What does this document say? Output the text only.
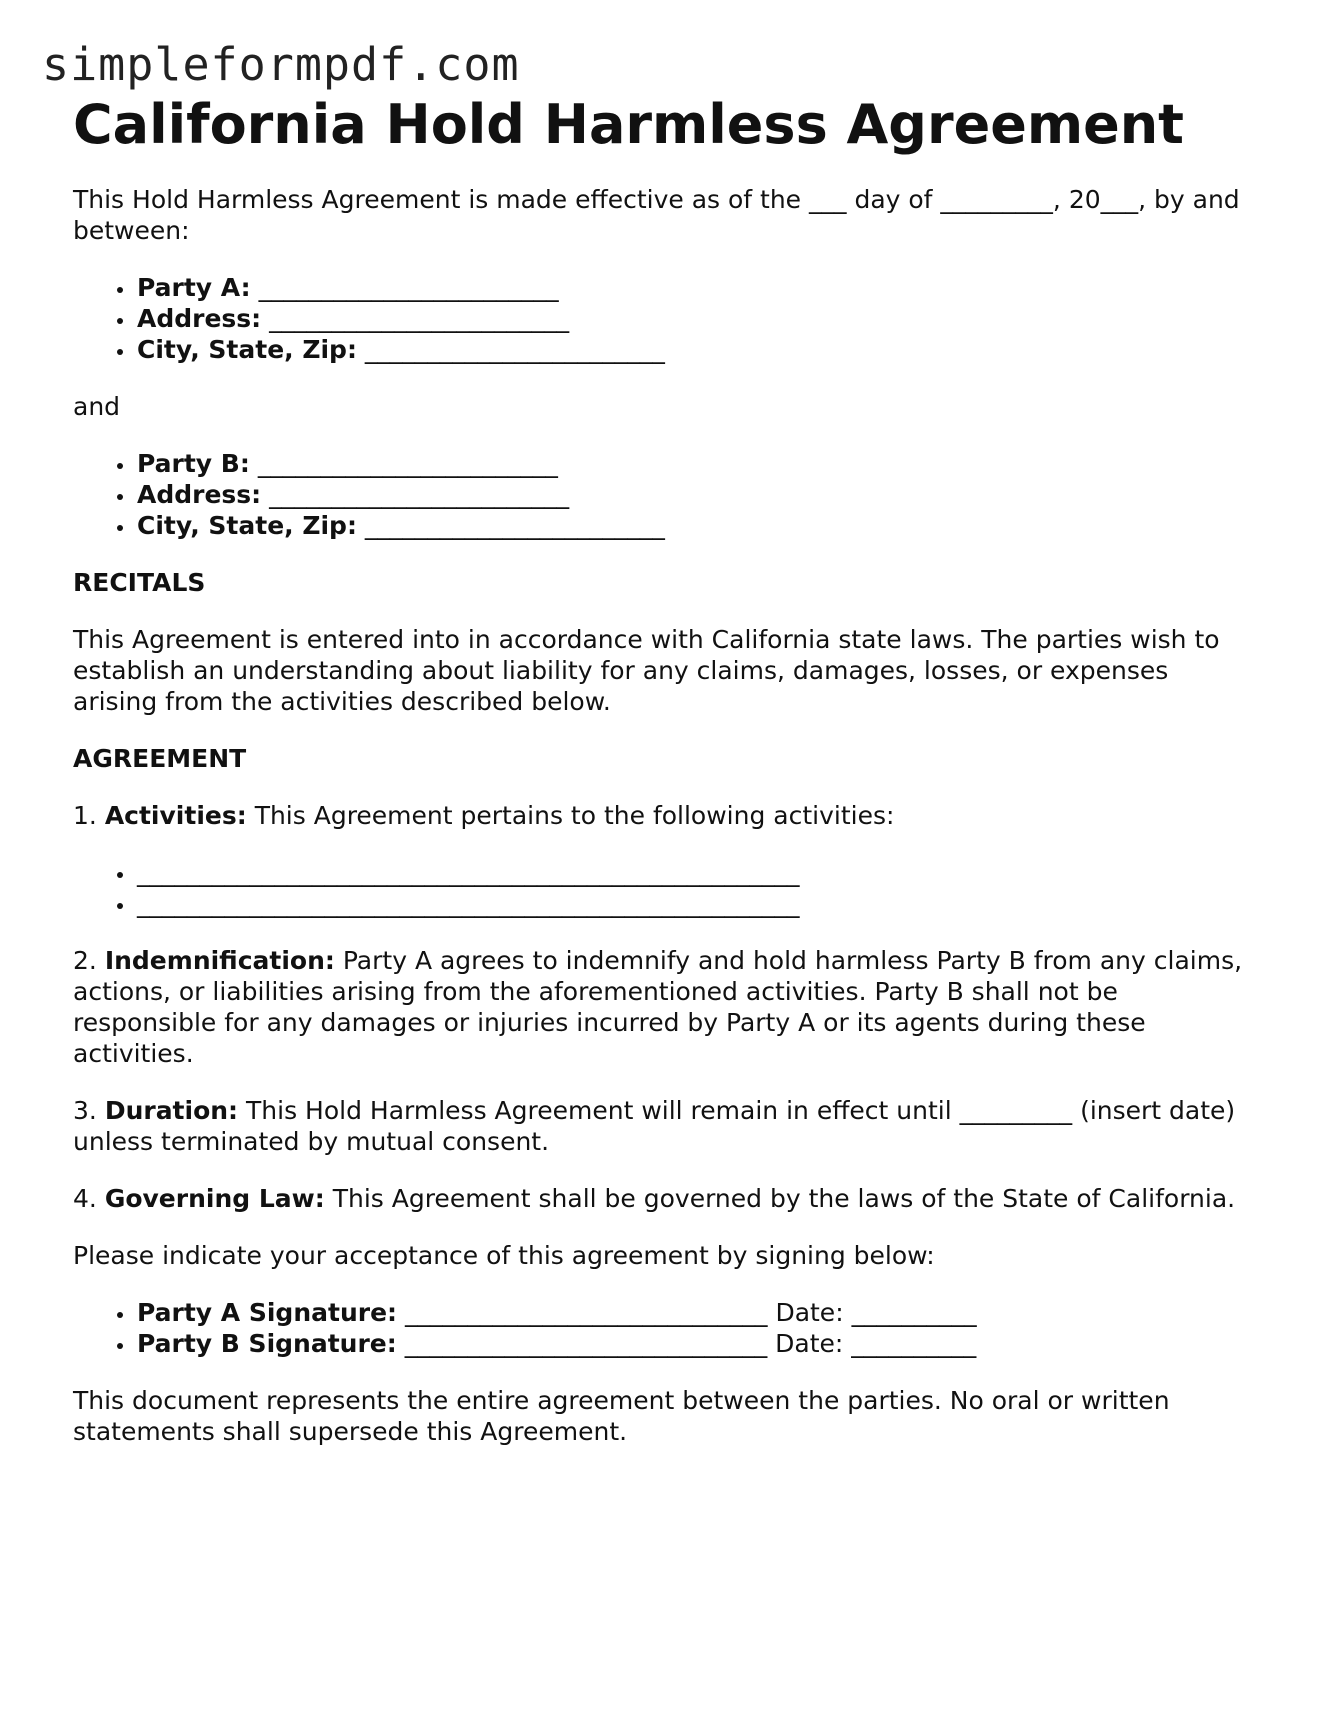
simpleformpdf.com
California Hold Harmless Agreement

This Hold Harmless Agreement is made effective as of the ___ day of _________, 20___, by and between:

• Party A: ________________________
• Address: ________________________
• City, State, Zip: ________________________

and

• Party B: ________________________
• Address: ________________________
• City, State, Zip: ________________________

RECITALS

This Agreement is entered into in accordance with California state laws. The parties wish to establish an understanding about liability for any claims, damages, losses, or expenses arising from the activities described below.

AGREEMENT

1. Activities: This Agreement pertains to the following activities:

• _____________________________________________________
• _____________________________________________________

2. Indemnification: Party A agrees to indemnify and hold harmless Party B from any claims, actions, or liabilities arising from the aforementioned activities. Party B shall not be responsible for any damages or injuries incurred by Party A or its agents during these activities.

3. Duration: This Hold Harmless Agreement will remain in effect until _________ (insert date) unless terminated by mutual consent.

4. Governing Law: This Agreement shall be governed by the laws of the State of California.

Please indicate your acceptance of this agreement by signing below:

• Party A Signature: _____________________________ Date: __________
• Party B Signature: _____________________________ Date: __________

This document represents the entire agreement between the parties. No oral or written statements shall supersede this Agreement.
